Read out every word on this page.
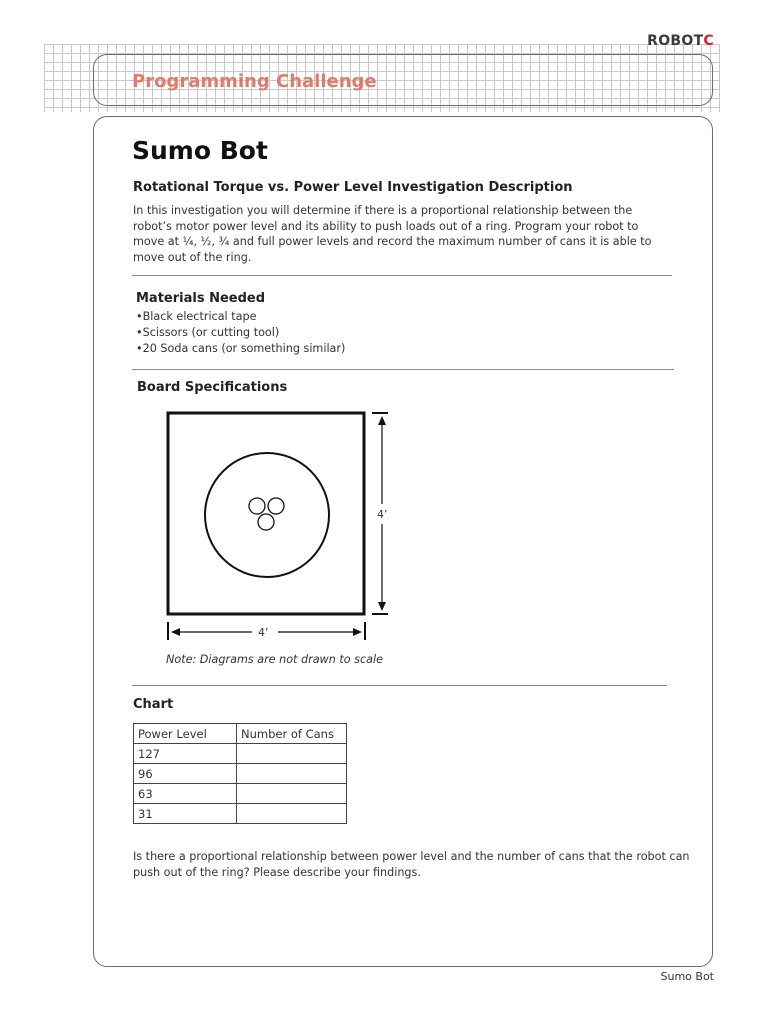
ROBOTC
Programming Challenge
Sumo Bot
Rotational Torque vs. Power Level Investigation Description
In this investigation you will determine if there is a proportional relationship between the robot’s motor power level and its ability to push loads out of a ring. Program your robot to move at ¼, ½, ¾ and full power levels and record the maximum number of cans it is able to move out of the ring.
Materials Needed
• Black electrical tape
• Scissors (or cutting tool)
• 20 Soda cans (or something similar)
Board Specifications
4’
4’
Note: Diagrams are not drawn to scale
Chart
Power Level	Number of Cans
127	
96	
63	
31	
Is there a proportional relationship between power level and the number of cans that the robot can push out of the ring? Please describe your findings.
Sumo Bot
